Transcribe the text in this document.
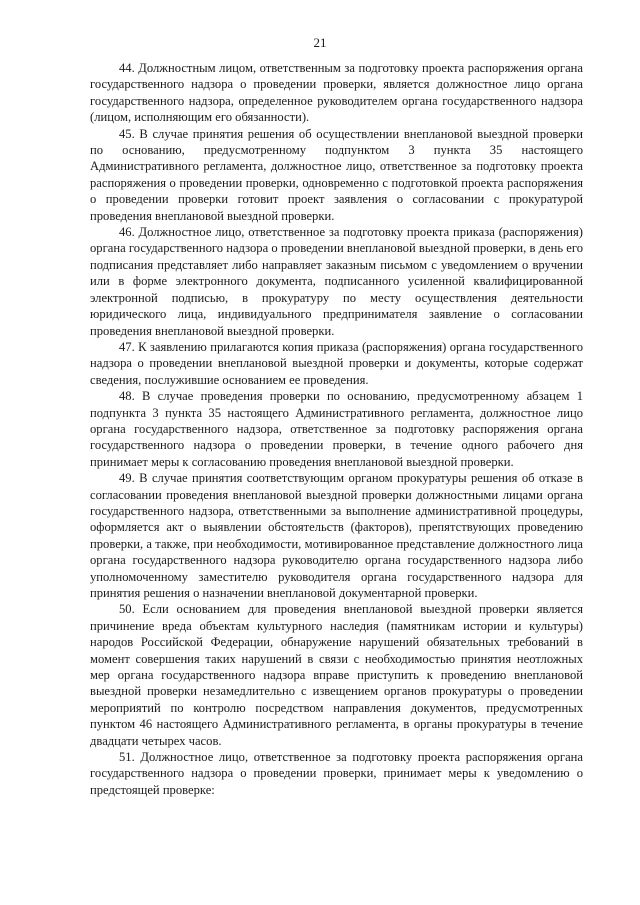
21

44. Должностным лицом, ответственным за подготовку проекта распоряжения органа государственного надзора о проведении проверки, является должностное лицо органа государственного надзора, определенное руководителем органа государственного надзора (лицом, исполняющим его обязанности).

45. В случае принятия решения об осуществлении внеплановой выездной проверки по основанию, предусмотренному подпунктом 3 пункта 35 настоящего Административного регламента, должностное лицо, ответственное за подготовку проекта распоряжения о проведении проверки, одновременно с подготовкой проекта распоряжения о проведении проверки готовит проект заявления о согласовании с прокуратурой проведения внеплановой выездной проверки.

46. Должностное лицо, ответственное за подготовку проекта приказа (распоряжения) органа государственного надзора о проведении внеплановой выездной проверки, в день его подписания представляет либо направляет заказным письмом с уведомлением о вручении или в форме электронного документа, подписанного усиленной квалифицированной электронной подписью, в прокуратуру по месту осуществления деятельности юридического лица, индивидуального предпринимателя заявление о согласовании проведения внеплановой выездной проверки.

47. К заявлению прилагаются копия приказа (распоряжения) органа государственного надзора о проведении внеплановой выездной проверки и документы, которые содержат сведения, послужившие основанием ее проведения.

48. В случае проведения проверки по основанию, предусмотренному абзацем 1 подпункта 3 пункта 35 настоящего Административного регламента, должностное лицо органа государственного надзора, ответственное за подготовку распоряжения органа государственного надзора о проведении проверки, в течение одного рабочего дня принимает меры к согласованию проведения внеплановой выездной проверки.

49. В случае принятия соответствующим органом прокуратуры решения об отказе в согласовании проведения внеплановой выездной проверки должностными лицами органа государственного надзора, ответственными за выполнение административной процедуры, оформляется акт о выявлении обстоятельств (факторов), препятствующих проведению проверки, а также, при необходимости, мотивированное представление должностного лица органа государственного надзора руководителю органа государственного надзора либо уполномоченному заместителю руководителя органа государственного надзора для принятия решения о назначении внеплановой документарной проверки.

50. Если основанием для проведения внеплановой выездной проверки является причинение вреда объектам культурного наследия (памятникам истории и культуры) народов Российской Федерации, обнаружение нарушений обязательных требований в момент совершения таких нарушений в связи с необходимостью принятия неотложных мер органа государственного надзора вправе приступить к проведению внеплановой выездной проверки незамедлительно с извещением органов прокуратуры о проведении мероприятий по контролю посредством направления документов, предусмотренных пунктом 46 настоящего Административного регламента, в органы прокуратуры в течение двадцати четырех часов.

51. Должностное лицо, ответственное за подготовку проекта распоряжения органа государственного надзора о проведении проверки, принимает меры к уведомлению о предстоящей проверке:
